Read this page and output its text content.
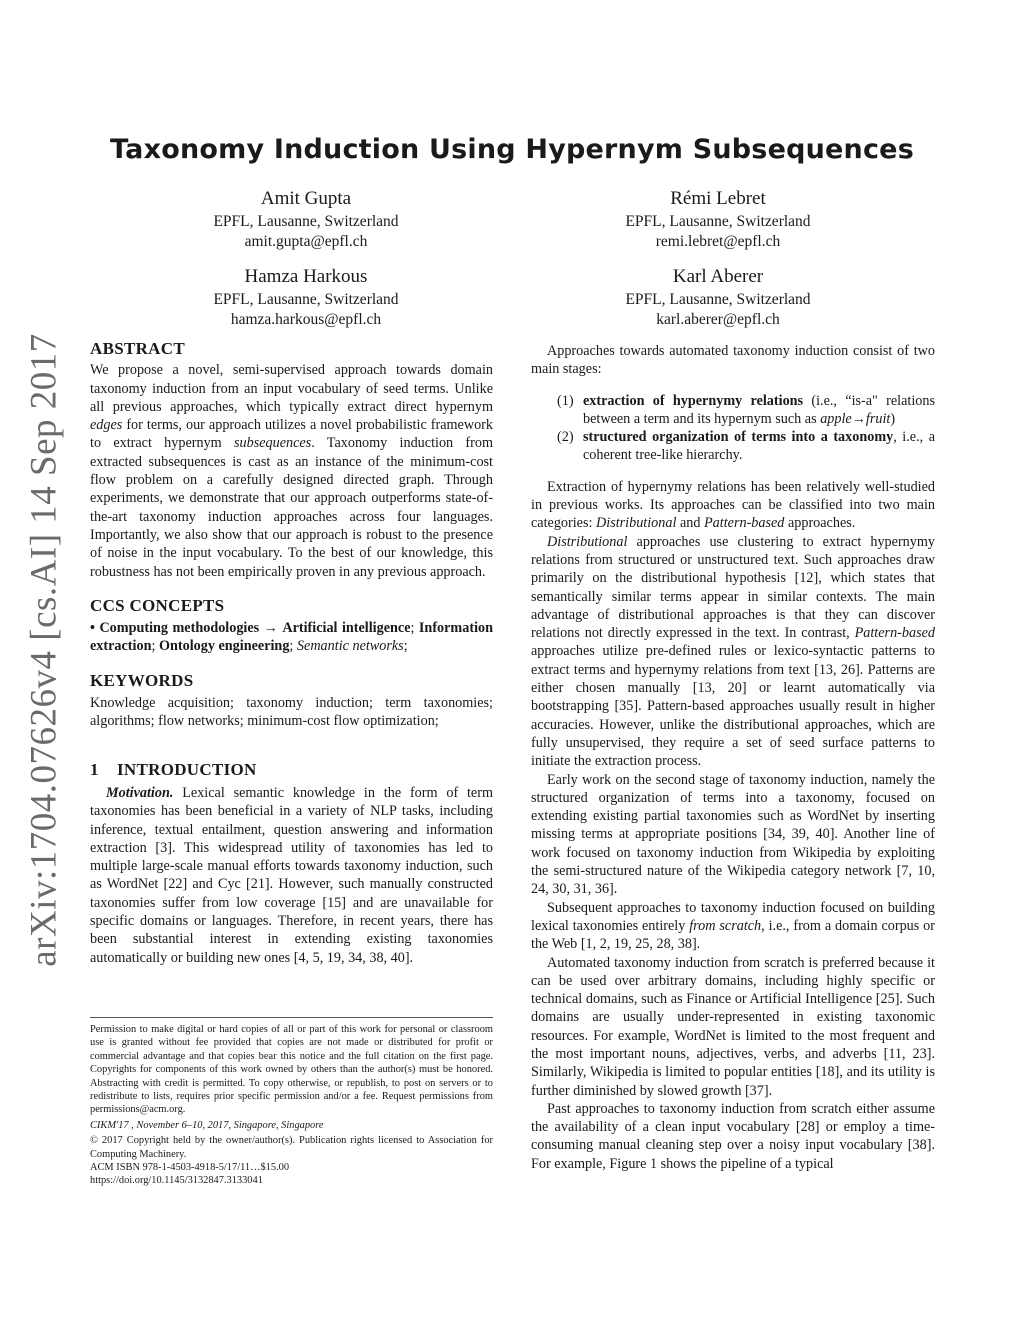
arXiv:1704.07626v4 [cs.AI] 14 Sep 2017
Taxonomy Induction Using Hypernym Subsequences
Amit Gupta
EPFL, Lausanne, Switzerland
amit.gupta@epfl.ch
Rémi Lebret
EPFL, Lausanne, Switzerland
remi.lebret@epfl.ch
Hamza Harkous
EPFL, Lausanne, Switzerland
hamza.harkous@epfl.ch
Karl Aberer
EPFL, Lausanne, Switzerland
karl.aberer@epfl.ch
ABSTRACT

We propose a novel, semi-supervised approach towards domain taxonomy induction from an input vocabulary of seed terms. Unlike all previous approaches, which typically extract direct hypernym edges for terms, our approach utilizes a novel probabilistic framework to extract hypernym subsequences. Taxonomy induction from extracted subsequences is cast as an instance of the minimum-cost flow problem on a carefully designed directed graph. Through experiments, we demonstrate that our approach outperforms state-of-the-art taxonomy induction approaches across four languages. Importantly, we also show that our approach is robust to the presence of noise in the input vocabulary. To the best of our knowledge, this robustness has not been empirically proven in any previous approach.

CCS CONCEPTS

• Computing methodologies → Artificial intelligence; Information extraction; Ontology engineering; Semantic networks;

KEYWORDS

Knowledge acquisition; taxonomy induction; term taxonomies; algorithms; flow networks; minimum-cost flow optimization;

1    INTRODUCTION

Motivation. Lexical semantic knowledge in the form of term taxonomies has been beneficial in a variety of NLP tasks, including inference, textual entailment, question answering and information extraction [3]. This widespread utility of taxonomies has led to multiple large-scale manual efforts towards taxonomy induction, such as WordNet [22] and Cyc [21]. However, such manually constructed taxonomies suffer from low coverage [15] and are unavailable for specific domains or languages. Therefore, in recent years, there has been substantial interest in extending existing taxonomies automatically or building new ones [4, 5, 19, 34, 38, 40].

Permission to make digital or hard copies of all or part of this work for personal or classroom use is granted without fee provided that copies are not made or distributed for profit or commercial advantage and that copies bear this notice and the full citation on the first page. Copyrights for components of this work owned by others than the author(s) must be honored. Abstracting with credit is permitted. To copy otherwise, or republish, to post on servers or to redistribute to lists, requires prior specific permission and/or a fee. Request permissions from permissions@acm.org.

CIKM'17 , November 6–10, 2017, Singapore, Singapore

© 2017 Copyright held by the owner/author(s). Publication rights licensed to Association for Computing Machinery.

ACM ISBN 978-1-4503-4918-5/17/11…$15.00

https://doi.org/10.1145/3132847.3133041

Approaches towards automated taxonomy induction consist of two main stages:

(1) extraction of hypernymy relations (i.e., “is-a" relations between a term and its hypernym such as apple→fruit)
(2) structured organization of terms into a taxonomy, i.e., a coherent tree-like hierarchy.

Extraction of hypernymy relations has been relatively well-studied in previous works. Its approaches can be classified into two main categories: Distributional and Pattern-based approaches.

Distributional approaches use clustering to extract hypernymy relations from structured or unstructured text. Such approaches draw primarily on the distributional hypothesis [12], which states that semantically similar terms appear in similar contexts. The main advantage of distributional approaches is that they can discover relations not directly expressed in the text. In contrast, Pattern-based approaches utilize pre-defined rules or lexico-syntactic patterns to extract terms and hypernymy relations from text [13, 26]. Patterns are either chosen manually [13, 20] or learnt automatically via bootstrapping [35]. Pattern-based approaches usually result in higher accuracies. However, unlike the distributional approaches, which are fully unsupervised, they require a set of seed surface patterns to initiate the extraction process.

Early work on the second stage of taxonomy induction, namely the structured organization of terms into a taxonomy, focused on extending existing partial taxonomies such as WordNet by inserting missing terms at appropriate positions [34, 39, 40]. Another line of work focused on taxonomy induction from Wikipedia by exploiting the semi-structured nature of the Wikipedia category network [7, 10, 24, 30, 31, 36].

Subsequent approaches to taxonomy induction focused on building lexical taxonomies entirely from scratch, i.e., from a domain corpus or the Web [1, 2, 19, 25, 28, 38].

Automated taxonomy induction from scratch is preferred because it can be used over arbitrary domains, including highly specific or technical domains, such as Finance or Artificial Intelligence [25]. Such domains are usually under-represented in existing taxonomic resources. For example, WordNet is limited to the most frequent and the most important nouns, adjectives, verbs, and adverbs [11, 23]. Similarly, Wikipedia is limited to popular entities [18], and its utility is further diminished by slowed growth [37].

Past approaches to taxonomy induction from scratch either assume the availability of a clean input vocabulary [28] or employ a time-consuming manual cleaning step over a noisy input vocabulary [38]. For example, Figure 1 shows the pipeline of a typical
